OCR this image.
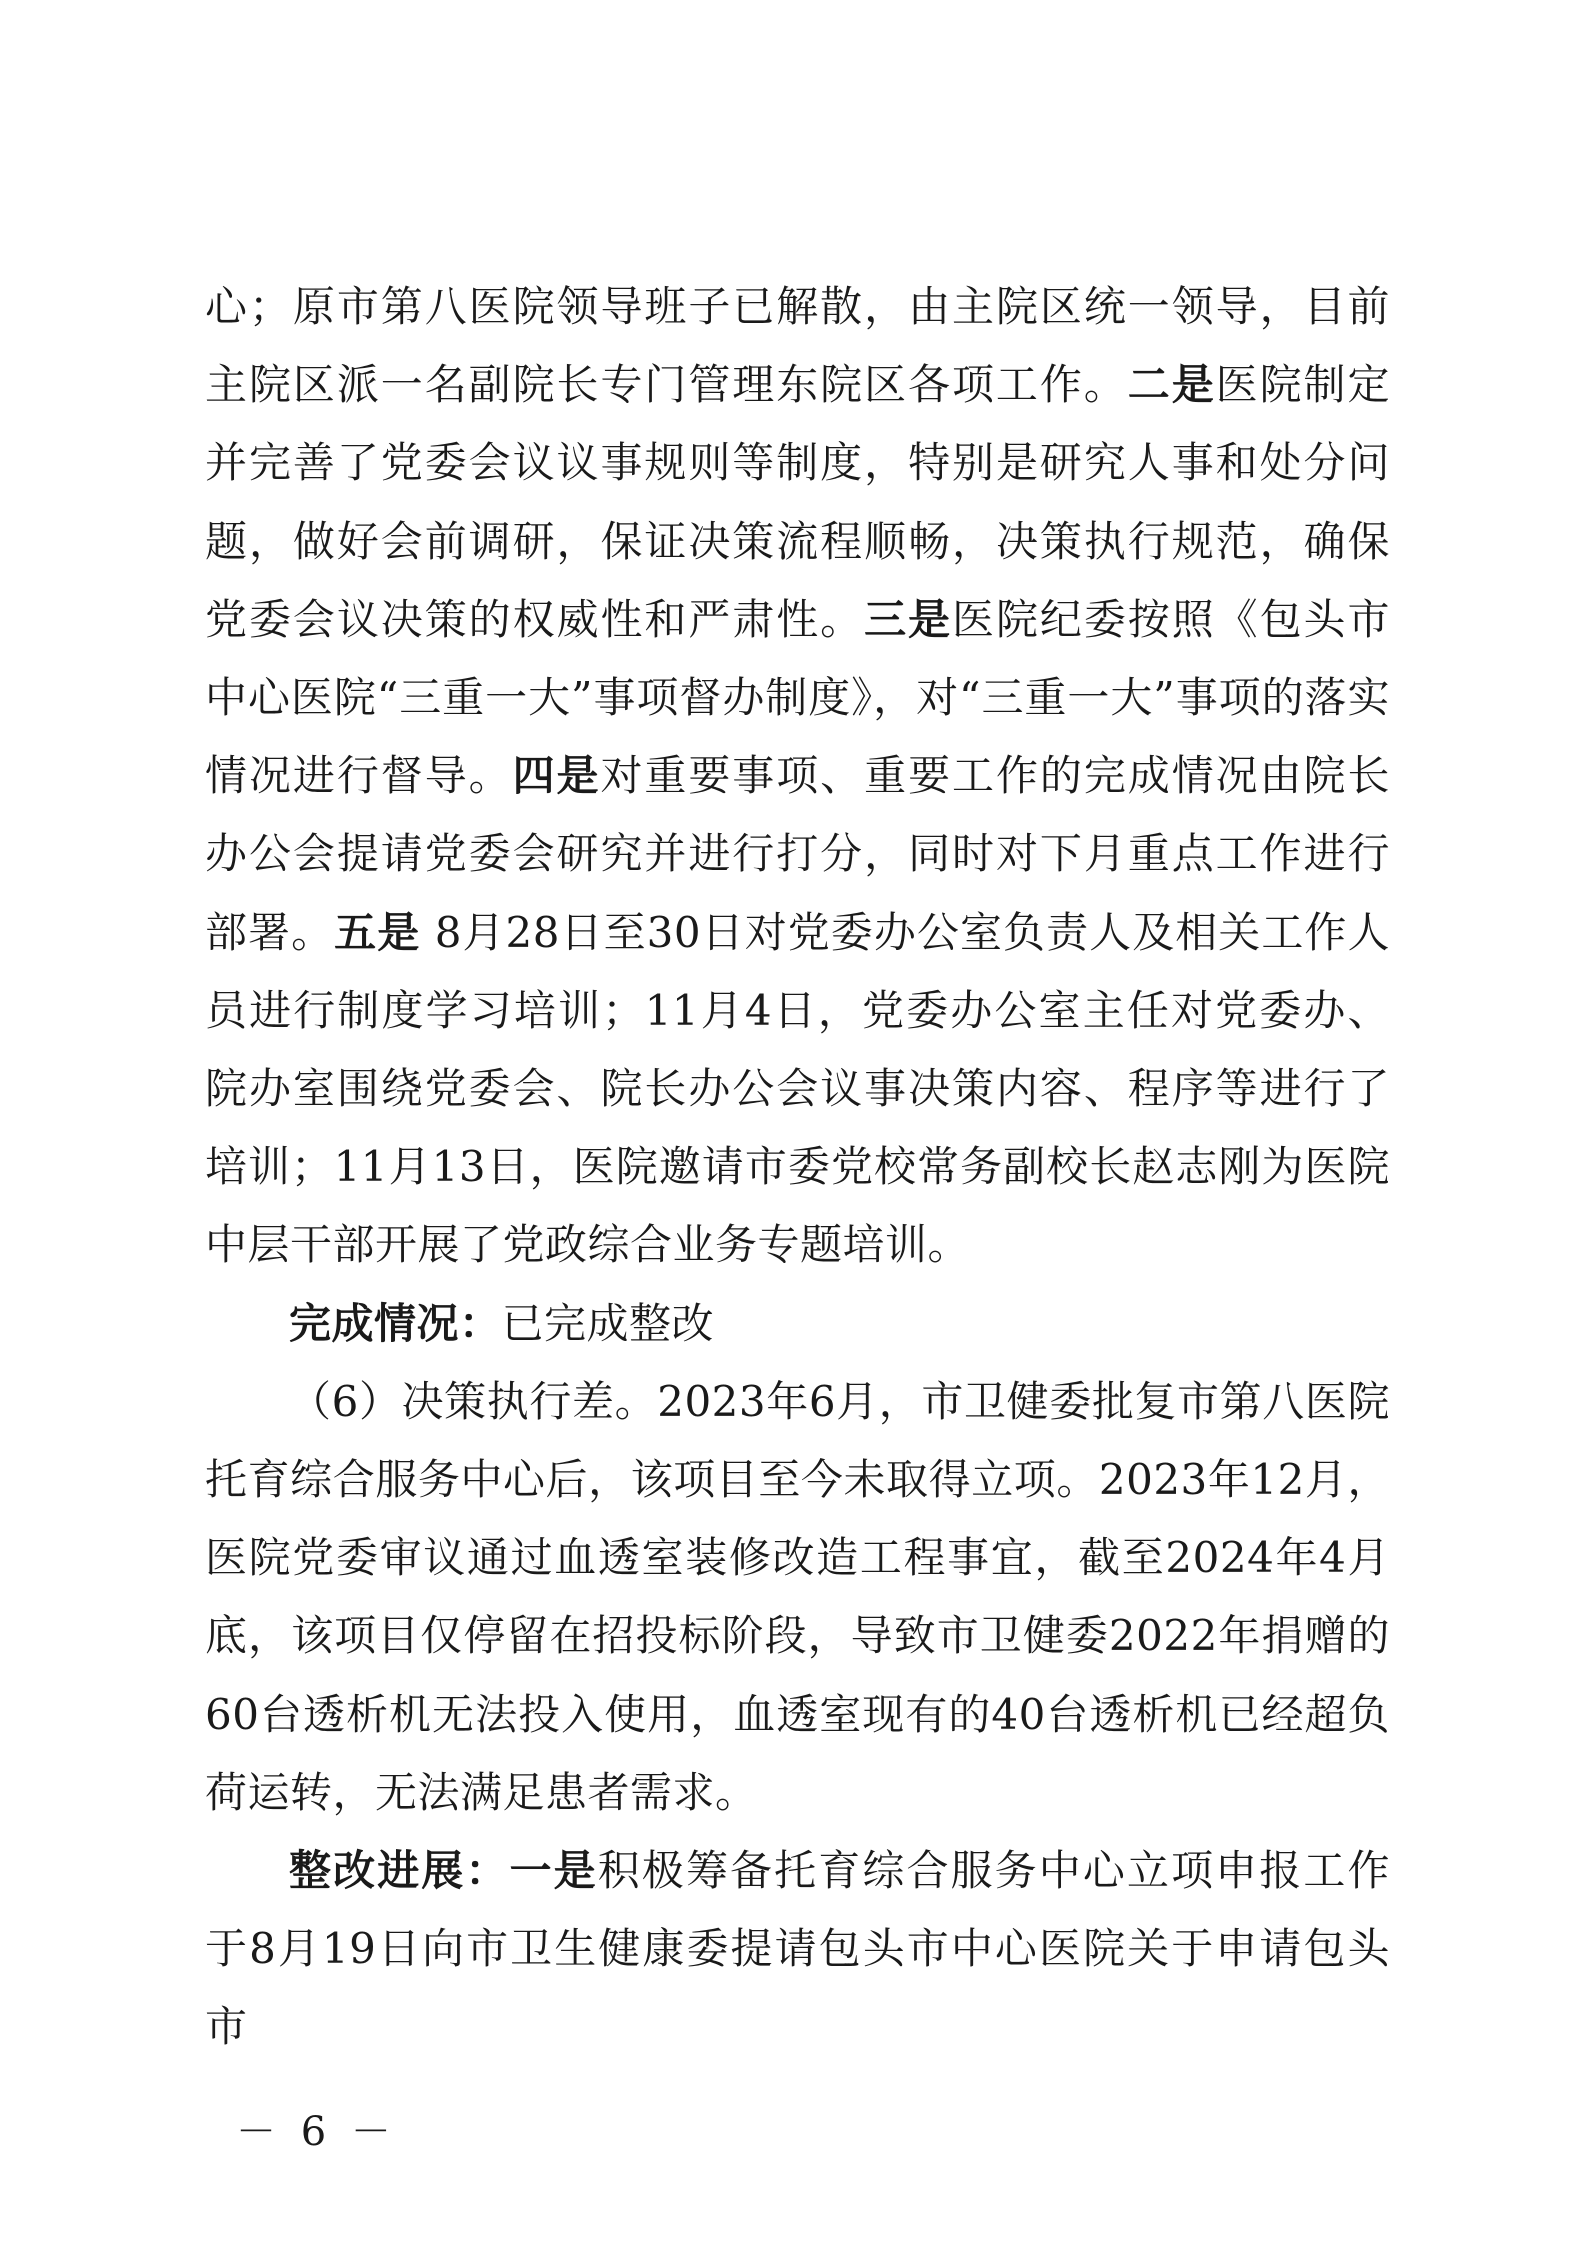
心；原市第八医院领导班子已解散，由主院区统一领导，目前主院区派一名副院长专门管理东院区各项工作。二是医院制定并完善了党委会议议事规则等制度，特别是研究人事和处分问题，做好会前调研，保证决策流程顺畅，决策执行规范，确保党委会议决策的权威性和严肃性。三是医院纪委按照《包头市中心医院“三重一大”事项督办制度》，对“三重一大”事项的落实情况进行督导。四是对重要事项、重要工作的完成情况由院长办公会提请党委会研究并进行打分，同时对下月重点工作进行部署。五是 8月28日至30日对党委办公室负责人及相关工作人员进行制度学习培训；11月4日，党委办公室主任对党委办、院办室围绕党委会、院长办公会议事决策内容、程序等进行了培训；11月13日，医院邀请市委党校常务副校长赵志刚为医院中层干部开展了党政综合业务专题培训。

完成情况：已完成整改

（6）决策执行差。2023年6月，市卫健委批复市第八医院托育综合服务中心后，该项目至今未取得立项。2023年12月，医院党委审议通过血透室装修改造工程事宜，截至2024年4月底，该项目仅停留在招投标阶段，导致市卫健委2022年捐赠的60台透析机无法投入使用，血透室现有的40台透析机已经超负荷运转，无法满足患者需求。

整改进展：一是积极筹备托育综合服务中心立项申报工作于8月19日向市卫生健康委提请包头市中心医院关于申请包头市

－ 6 －
